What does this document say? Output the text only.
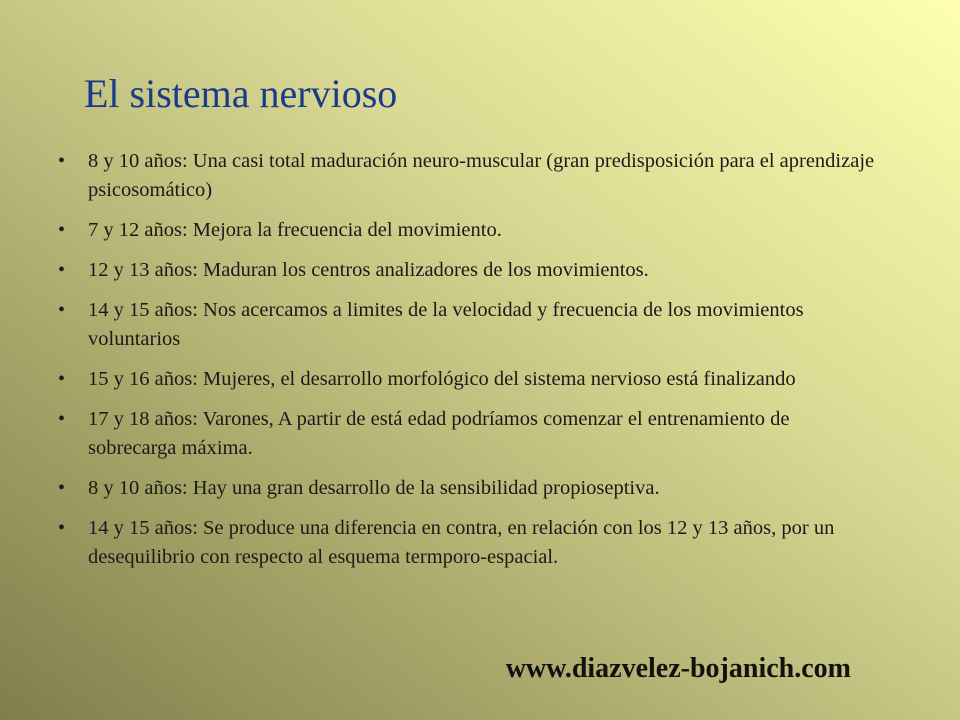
El sistema nervioso
• 8 y 10 años: Una casi total maduración neuro-muscular (gran predisposición para el aprendizaje psicosomático)
• 7 y 12 años: Mejora la frecuencia del movimiento.
• 12 y 13 años: Maduran los centros analizadores de los movimientos.
• 14 y 15 años: Nos acercamos a limites de la velocidad y frecuencia de los movimientos voluntarios
• 15 y 16 años: Mujeres, el desarrollo morfológico del sistema nervioso está finalizando
• 17 y 18 años: Varones, A partir de está edad podríamos comenzar el entrenamiento de sobrecarga máxima.
• 8 y 10 años: Hay una gran desarrollo de la sensibilidad propioseptiva.
• 14 y 15 años: Se produce una diferencia en contra, en relación con los 12 y 13 años, por un desequilibrio con respecto al esquema termporo-espacial.
www.diazvelez-bojanich.com
